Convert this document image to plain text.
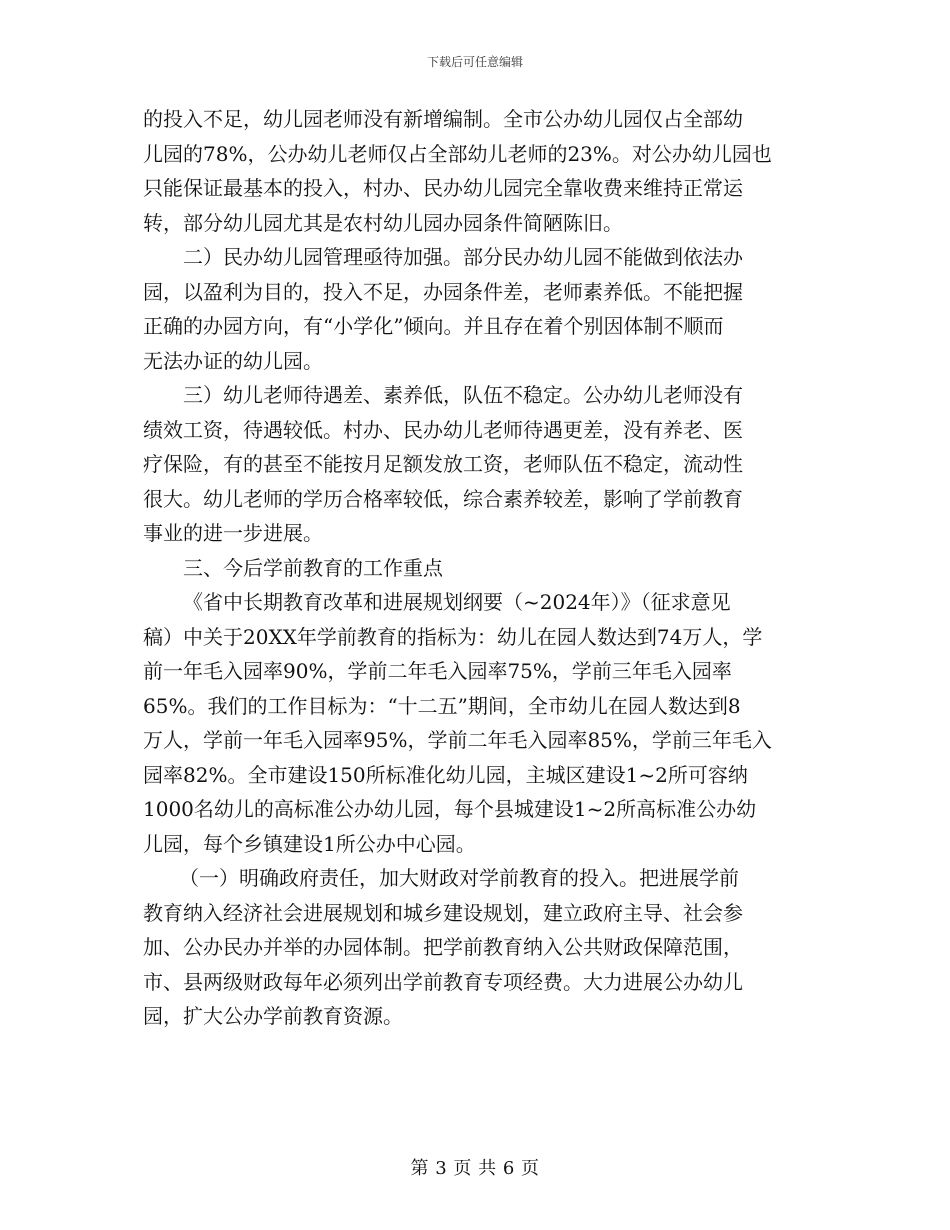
下载后可任意编辑
的投入不足，幼儿园老师没有新增编制。全市公办幼儿园仅占全部幼
儿园的78%，公办幼儿老师仅占全部幼儿老师的23%。对公办幼儿园也
只能保证最基本的投入，村办、民办幼儿园完全靠收费来维持正常运
转，部分幼儿园尤其是农村幼儿园办园条件简陋陈旧。
二）民办幼儿园管理亟待加强。部分民办幼儿园不能做到依法办
园，以盈利为目的，投入不足，办园条件差，老师素养低。不能把握
正确的办园方向，有“小学化”倾向。并且存在着个别因体制不顺而
无法办证的幼儿园。
三）幼儿老师待遇差、素养低，队伍不稳定。公办幼儿老师没有
绩效工资，待遇较低。村办、民办幼儿老师待遇更差，没有养老、医
疗保险，有的甚至不能按月足额发放工资，老师队伍不稳定，流动性
很大。幼儿老师的学历合格率较低，综合素养较差，影响了学前教育
事业的进一步进展。
三、今后学前教育的工作重点
《省中长期教育改革和进展规划纲要（~2024年）》（征求意见
稿）中关于20XX年学前教育的指标为：幼儿在园人数达到74万人，学
前一年毛入园率90%，学前二年毛入园率75%，学前三年毛入园率
65%。我们的工作目标为：“十二五”期间，全市幼儿在园人数达到8
万人，学前一年毛入园率95%，学前二年毛入园率85%，学前三年毛入
园率82%。全市建设150所标准化幼儿园，主城区建设1~2所可容纳
1000名幼儿的高标准公办幼儿园，每个县城建设1~2所高标准公办幼
儿园，每个乡镇建设1所公办中心园。
（一）明确政府责任，加大财政对学前教育的投入。把进展学前
教育纳入经济社会进展规划和城乡建设规划，建立政府主导、社会参
加、公办民办并举的办园体制。把学前教育纳入公共财政保障范围，
市、县两级财政每年必须列出学前教育专项经费。大力进展公办幼儿
园，扩大公办学前教育资源。
第 3 页 共 6 页
